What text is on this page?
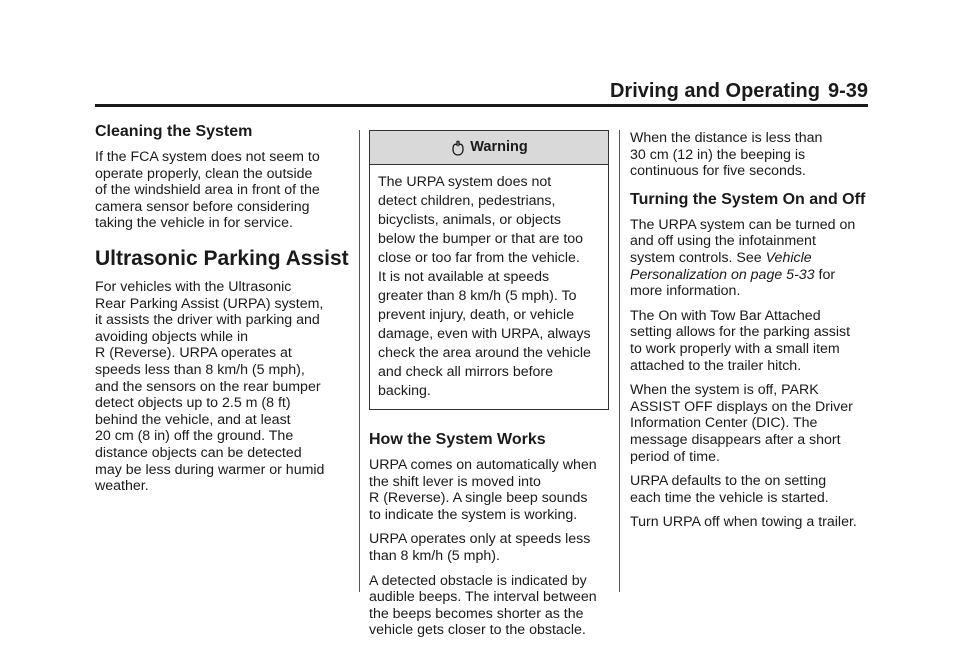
Driving and Operating 9-39
Cleaning the System

If the FCA system does not seem to
operate properly, clean the outside
of the windshield area in front of the
camera sensor before considering
taking the vehicle in for service.

Ultrasonic Parking Assist

For vehicles with the Ultrasonic
Rear Parking Assist (URPA) system,
it assists the driver with parking and
avoiding objects while in
R (Reverse). URPA operates at
speeds less than 8 km/h (5 mph),
and the sensors on the rear bumper
detect objects up to 2.5 m (8 ft)
behind the vehicle, and at least
20 cm (8 in) off the ground. The
distance objects can be detected
may be less during warmer or humid
weather.

Warning
The URPA system does not
detect children, pedestrians,
bicyclists, animals, or objects
below the bumper or that are too
close or too far from the vehicle.
It is not available at speeds
greater than 8 km/h (5 mph). To
prevent injury, death, or vehicle
damage, even with URPA, always
check the area around the vehicle
and check all mirrors before
backing.
How the System Works

URPA comes on automatically when
the shift lever is moved into
R (Reverse). A single beep sounds
to indicate the system is working.

URPA operates only at speeds less
than 8 km/h (5 mph).

A detected obstacle is indicated by
audible beeps. The interval between
the beeps becomes shorter as the
vehicle gets closer to the obstacle.

When the distance is less than
30 cm (12 in) the beeping is
continuous for five seconds.

Turning the System On and Off

The URPA system can be turned on
and off using the infotainment
system controls. See Vehicle
Personalization on page 5-33 for
more information.

The On with Tow Bar Attached
setting allows for the parking assist
to work properly with a small item
attached to the trailer hitch.

When the system is off, PARK
ASSIST OFF displays on the Driver
Information Center (DIC). The
message disappears after a short
period of time.

URPA defaults to the on setting
each time the vehicle is started.

Turn URPA off when towing a trailer.
